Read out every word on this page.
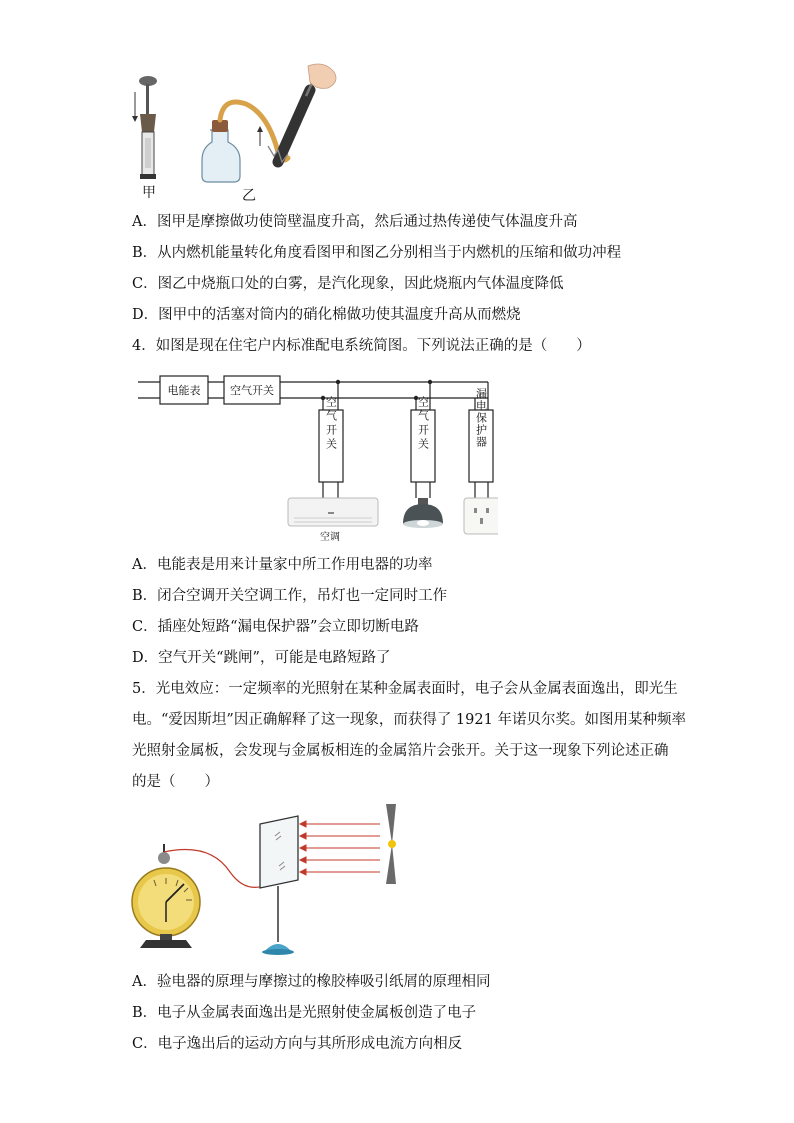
甲	乙
A．图甲是摩擦做功使筒壁温度升高，然后通过热传递使气体温度升高
B．从内燃机能量转化角度看图甲和图乙分别相当于内燃机的压缩和做功冲程
C．图乙中烧瓶口处的白雾，是汽化现象，因此烧瓶内气体温度降低
D．图甲中的活塞对筒内的硝化棉做功使其温度升高从而燃烧
4．如图是现在住宅户内标准配电系统简图。下列说法正确的是（　　）
电能表	空气开关
空气开关	空气开关	漏电保护器
空调
A．电能表是用来计量家中所工作用电器的功率
B．闭合空调开关空调工作，吊灯也一定同时工作
C．插座处短路“漏电保护器”会立即切断电路
D．空气开关“跳闸”，可能是电路短路了
5．光电效应：一定频率的光照射在某种金属表面时，电子会从金属表面逸出，即光生
电。“爱因斯坦”因正确解释了这一现象，而获得了 1921 年诺贝尔奖。如图用某种频率
光照射金属板，会发现与金属板相连的金属箔片会张开。关于这一现象下列论述正确
的是（　　）
A．验电器的原理与摩擦过的橡胶棒吸引纸屑的原理相同
B．电子从金属表面逸出是光照射使金属板创造了电子
C．电子逸出后的运动方向与其所形成电流方向相反
